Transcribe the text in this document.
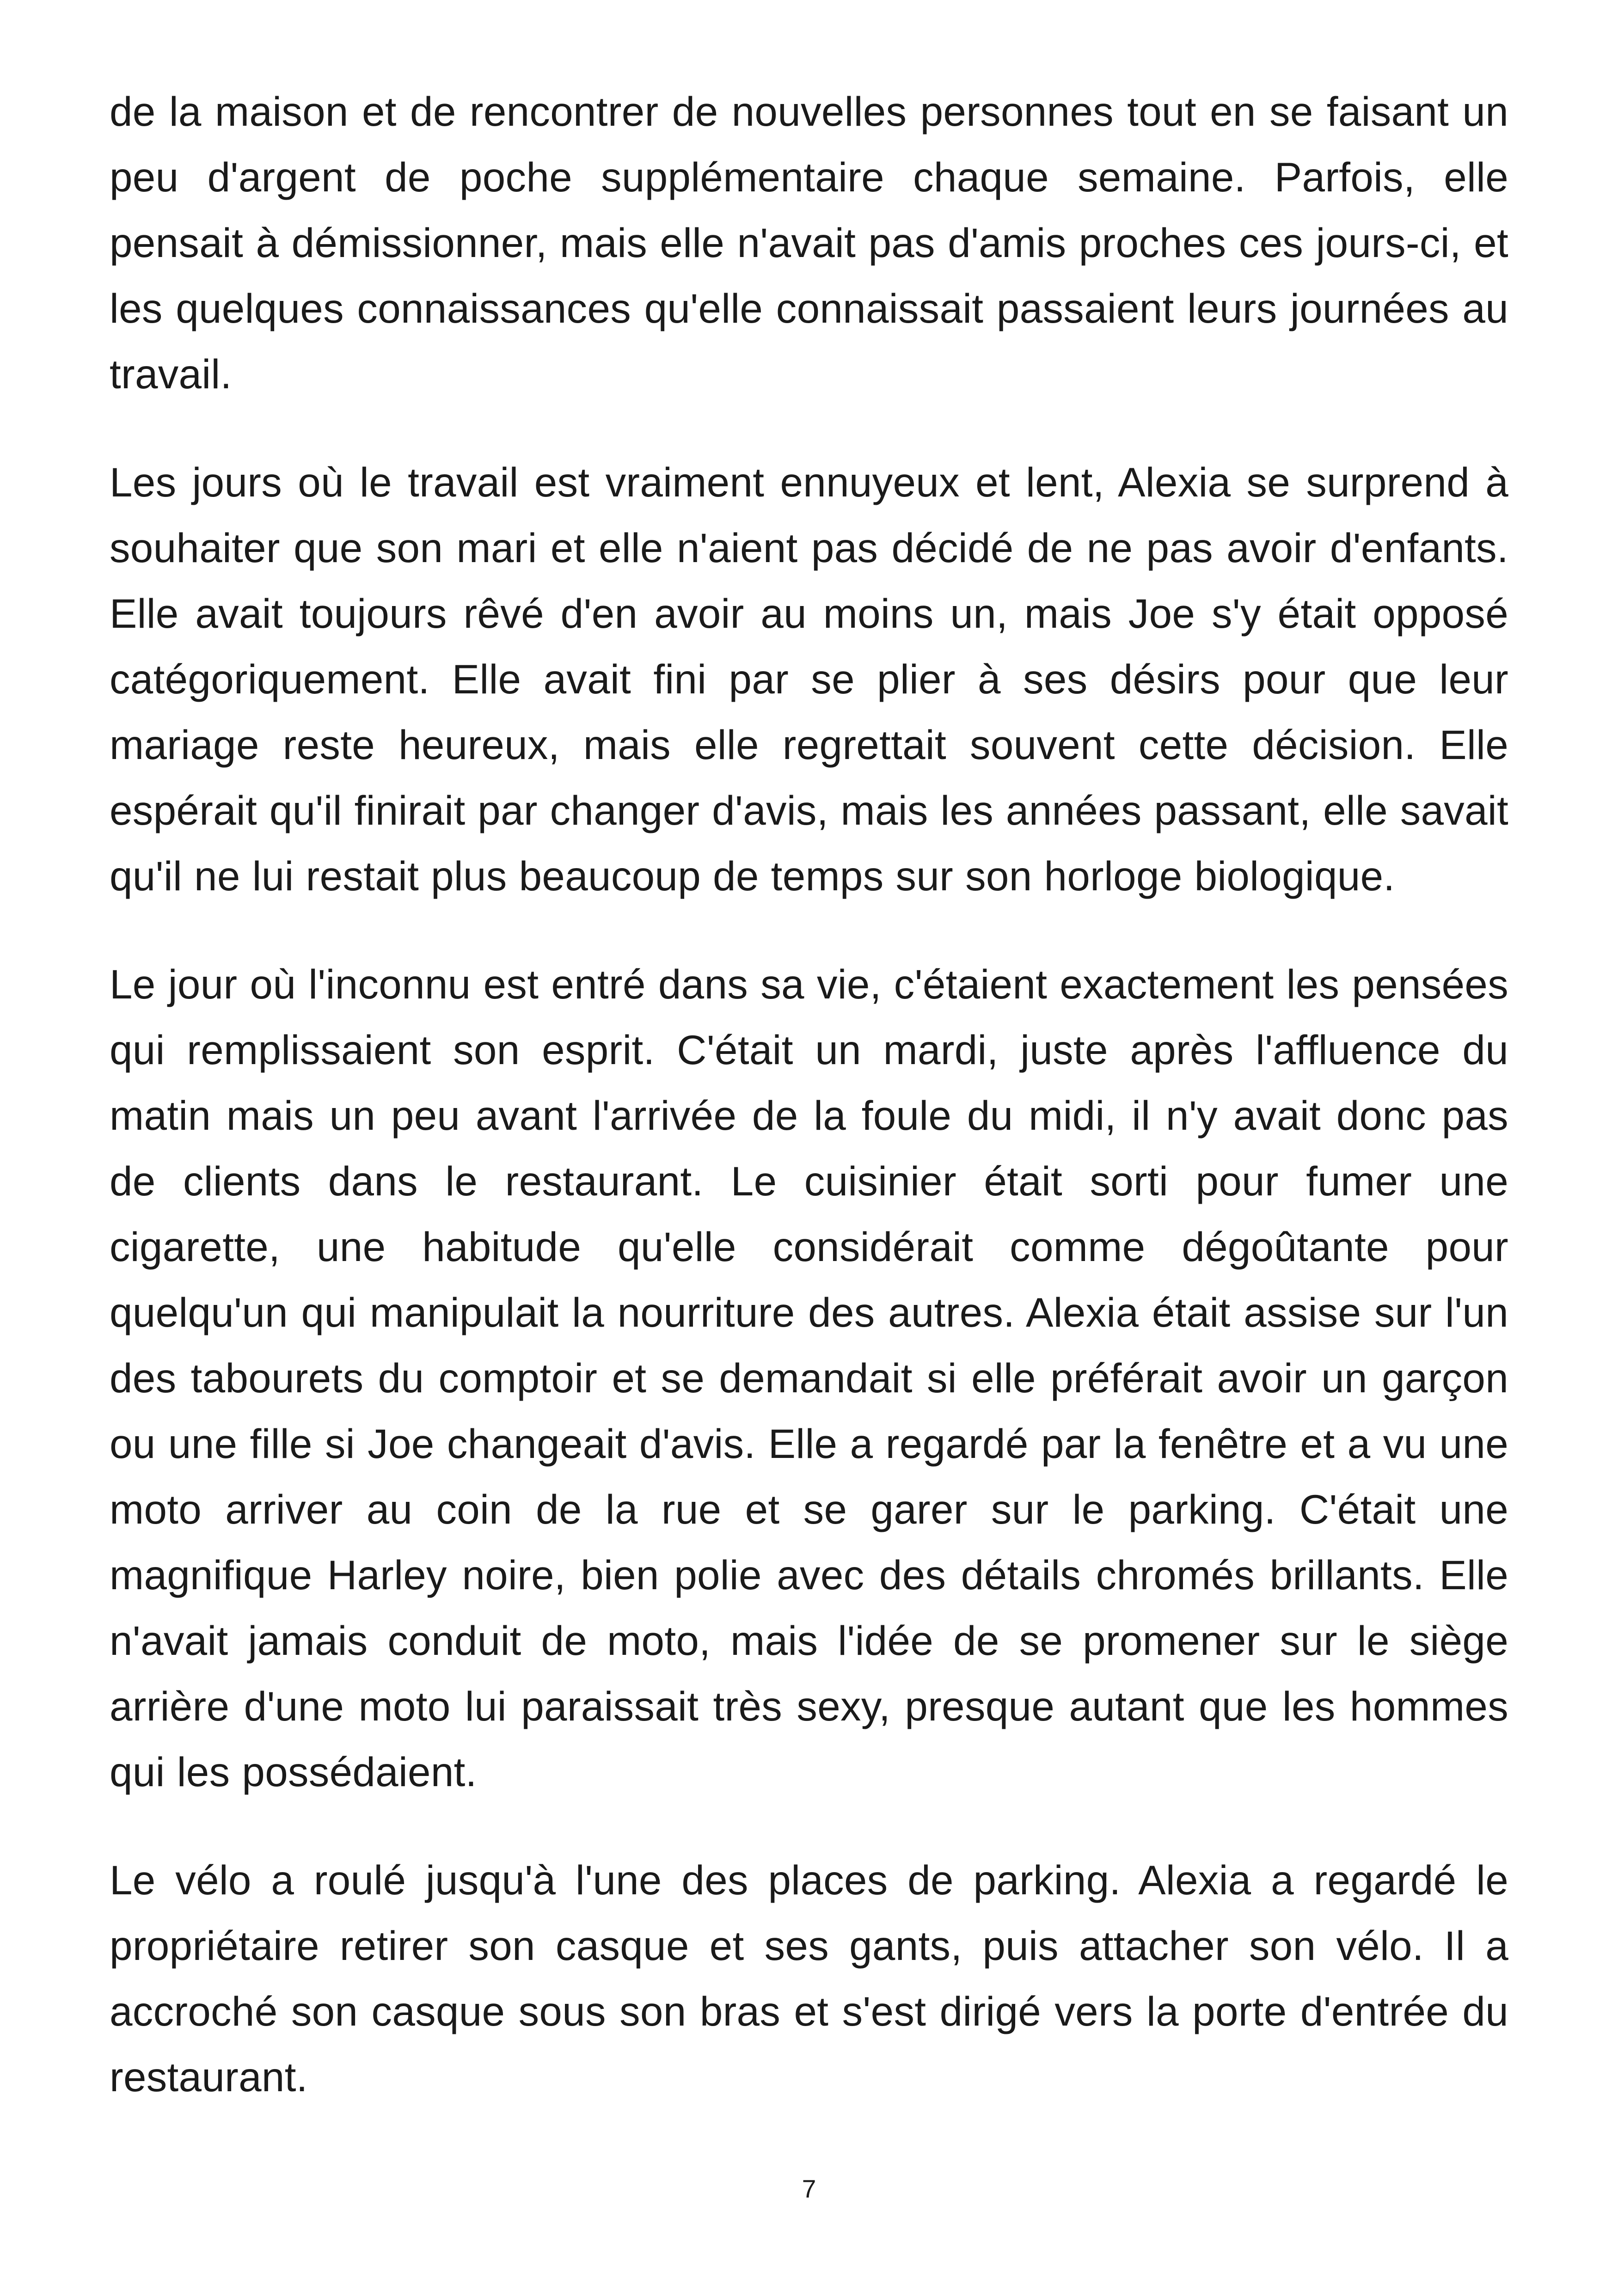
de la maison et de rencontrer de nouvelles personnes tout en se faisant un peu d'argent de poche supplémentaire chaque semaine. Parfois, elle pensait à démissionner, mais elle n'avait pas d'amis proches ces jours-ci, et les quelques connaissances qu'elle connaissait passaient leurs journées au travail.

Les jours où le travail est vraiment ennuyeux et lent, Alexia se surprend à souhaiter que son mari et elle n'aient pas décidé de ne pas avoir d'enfants. Elle avait toujours rêvé d'en avoir au moins un, mais Joe s'y était opposé catégoriquement. Elle avait fini par se plier à ses désirs pour que leur mariage reste heureux, mais elle regrettait souvent cette décision. Elle espérait qu'il finirait par changer d'avis, mais les années passant, elle savait qu'il ne lui restait plus beaucoup de temps sur son horloge biologique.

Le jour où l'inconnu est entré dans sa vie, c'étaient exactement les pensées qui remplissaient son esprit. C'était un mardi, juste après l'affluence du matin mais un peu avant l'arrivée de la foule du midi, il n'y avait donc pas de clients dans le restaurant. Le cuisinier était sorti pour fumer une cigarette, une habitude qu'elle considérait comme dégoûtante pour quelqu'un qui manipulait la nourriture des autres. Alexia était assise sur l'un des tabourets du comptoir et se demandait si elle préférait avoir un garçon ou une fille si Joe changeait d'avis. Elle a regardé par la fenêtre et a vu une moto arriver au coin de la rue et se garer sur le parking. C'était une magnifique Harley noire, bien polie avec des détails chromés brillants. Elle n'avait jamais conduit de moto, mais l'idée de se promener sur le siège arrière d'une moto lui paraissait très sexy, presque autant que les hommes qui les possédaient.

Le vélo a roulé jusqu'à l'une des places de parking. Alexia a regardé le propriétaire retirer son casque et ses gants, puis attacher son vélo. Il a accroché son casque sous son bras et s'est dirigé vers la porte d'entrée du restaurant.

7
